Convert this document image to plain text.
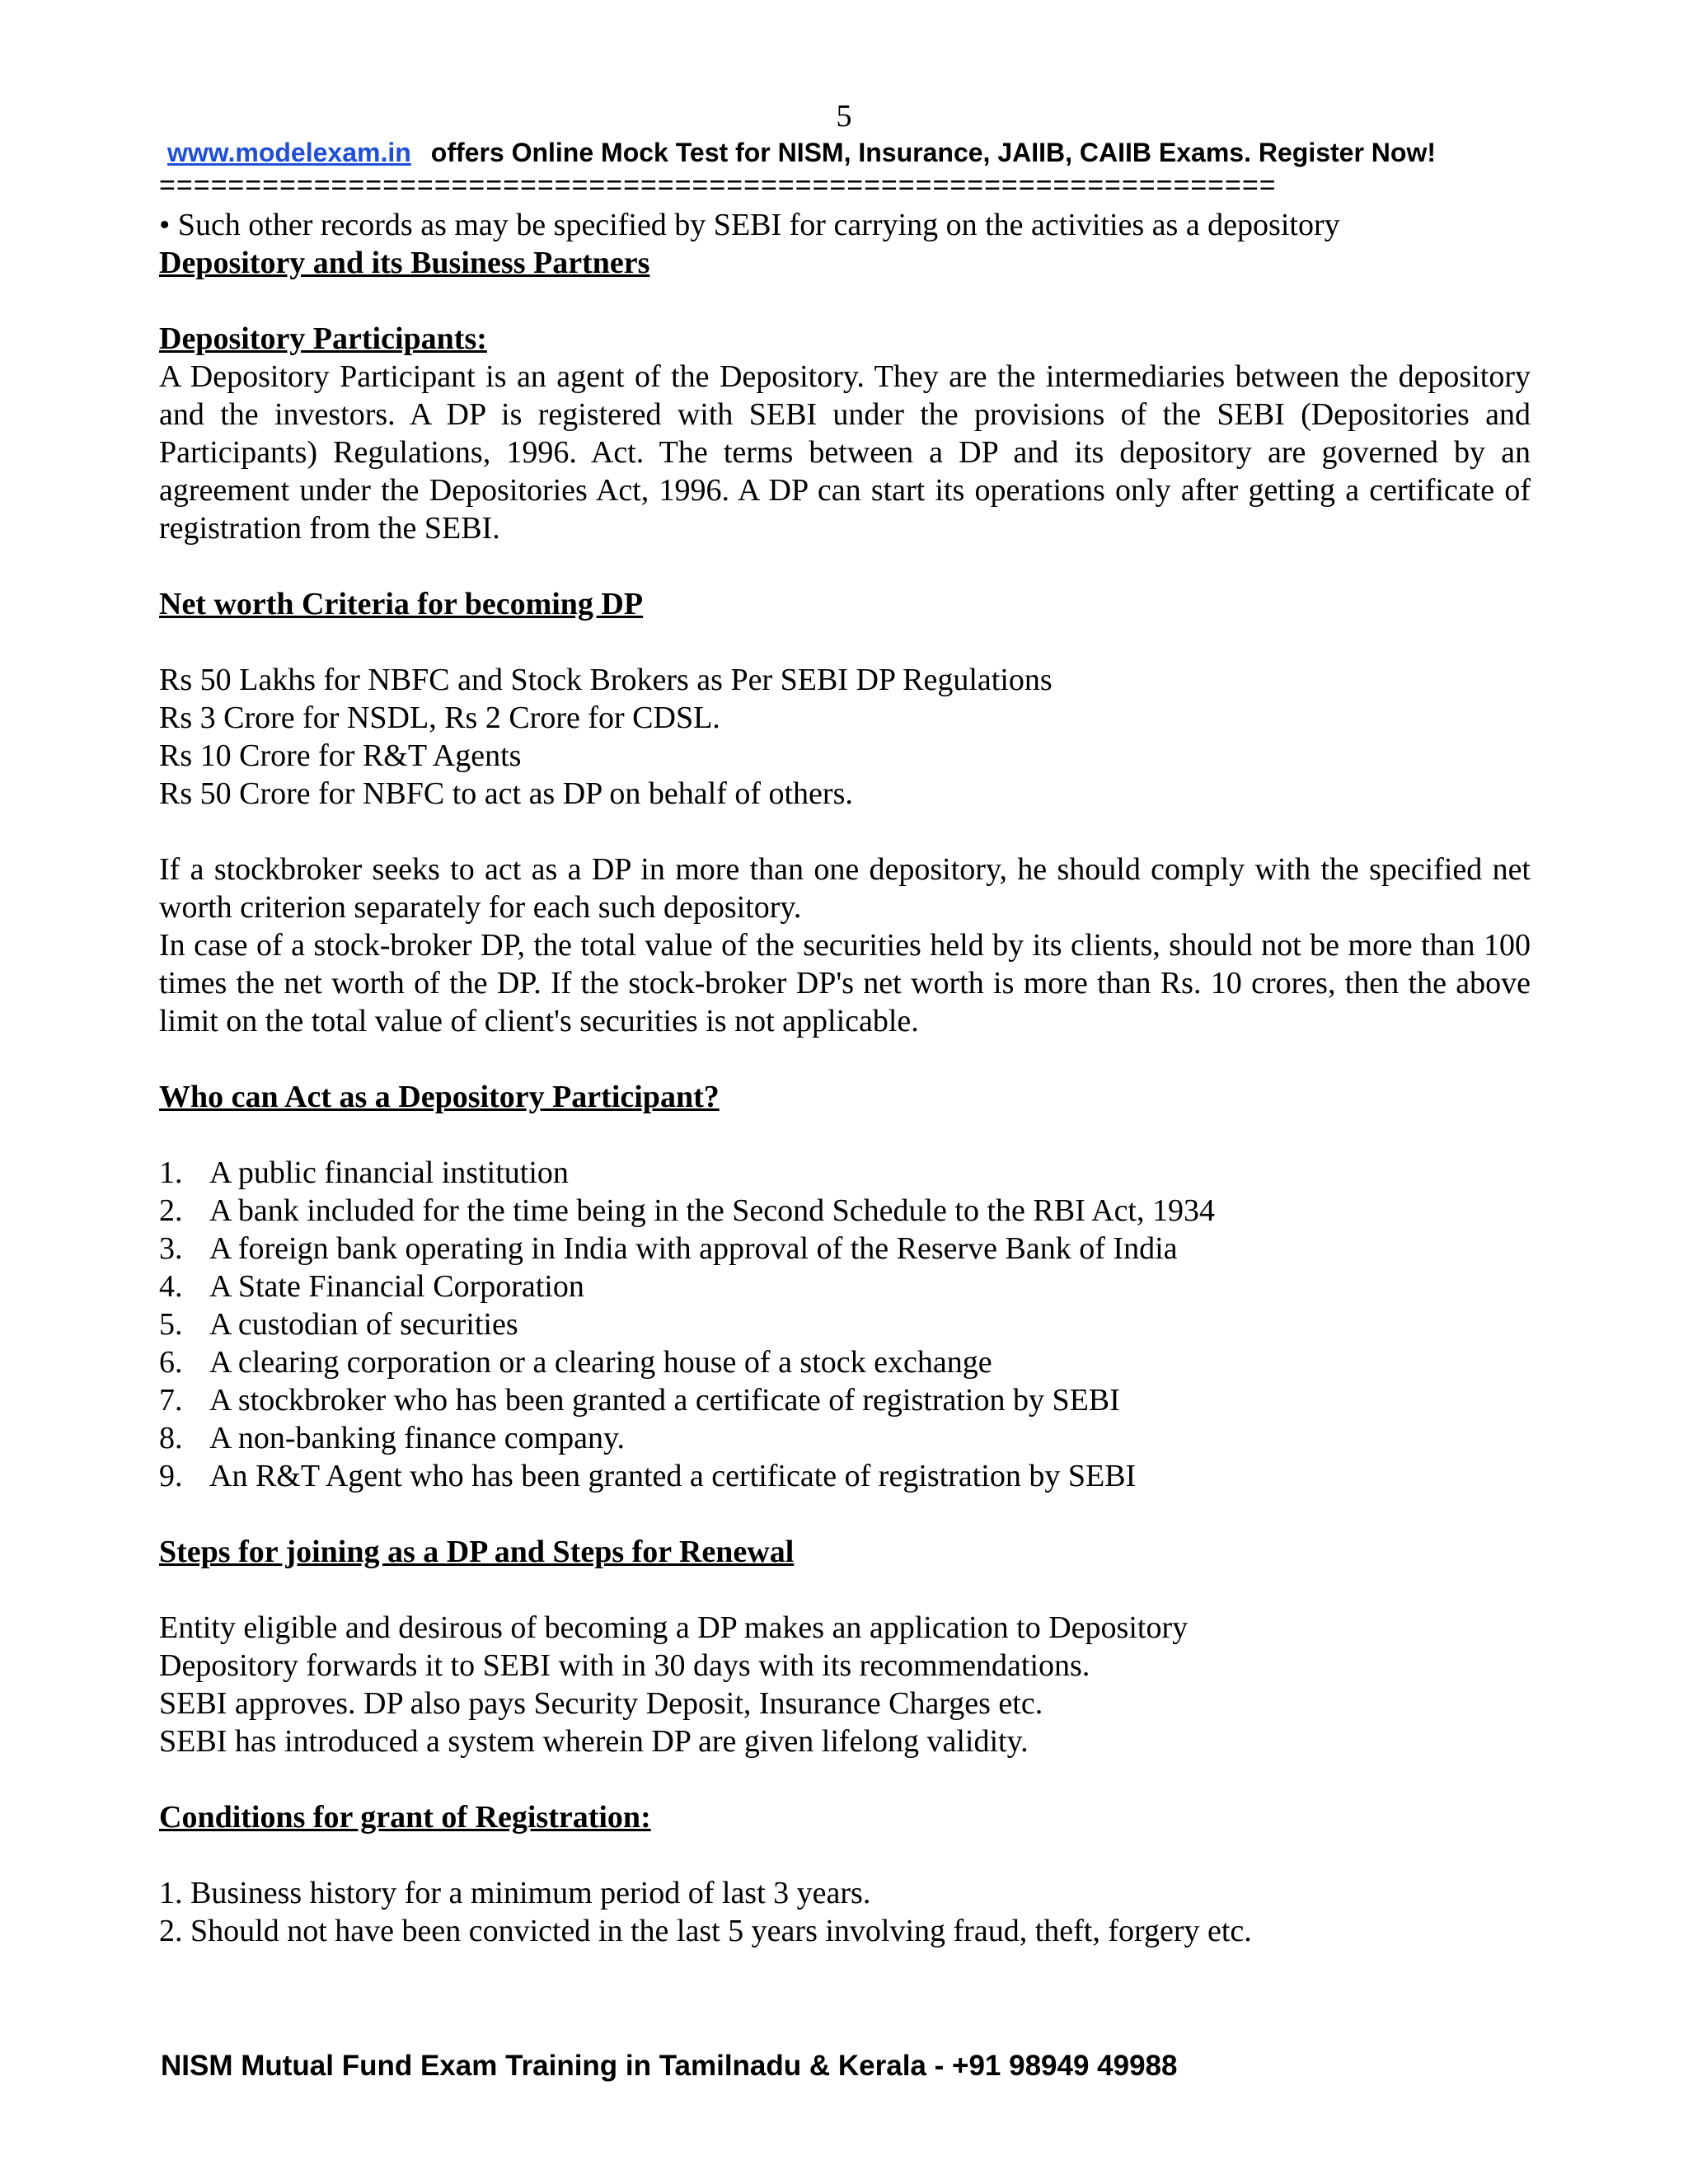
5
www.modelexam.in offers Online Mock Test for NISM, Insurance, JAIIB, CAIIB Exams. Register Now!
=================================================================

• Such other records as may be specified by SEBI for carrying on the activities as a depository

Depository and its Business Partners

Depository Participants:

A Depository Participant is an agent of the Depository. They are the intermediaries between the depository and the investors. A DP is registered with SEBI under the provisions of the SEBI (Depositories and Participants) Regulations, 1996. Act. The terms between a DP and its depository are governed by an agreement under the Depositories Act, 1996. A DP can start its operations only after getting a certificate of registration from the SEBI.

Net worth Criteria for becoming DP

Rs 50 Lakhs for NBFC and Stock Brokers as Per SEBI DP Regulations

Rs 3 Crore for NSDL, Rs 2 Crore for CDSL.

Rs 10 Crore for R&T Agents

Rs 50 Crore for NBFC to act as DP on behalf of others.

If a stockbroker seeks to act as a DP in more than one depository, he should comply with the specified net worth criterion separately for each such depository.

In case of a stock-broker DP, the total value of the securities held by its clients, should not be more than 100 times the net worth of the DP. If the stock-broker DP's net worth is more than Rs. 10 crores, then the above limit on the total value of client's securities is not applicable.

Who can Act as a Depository Participant?

1. A public financial institution
2. A bank included for the time being in the Second Schedule to the RBI Act, 1934
3. A foreign bank operating in India with approval of the Reserve Bank of India
4. A State Financial Corporation
5. A custodian of securities
6. A clearing corporation or a clearing house of a stock exchange
7. A stockbroker who has been granted a certificate of registration by SEBI
8. A non-banking finance company.
9. An R&T Agent who has been granted a certificate of registration by SEBI

Steps for joining as a DP and Steps for Renewal

Entity eligible and desirous of becoming a DP makes an application to Depository

Depository forwards it to SEBI with in 30 days with its recommendations.

SEBI approves. DP also pays Security Deposit, Insurance Charges etc.

SEBI has introduced a system wherein DP are given lifelong validity.

Conditions for grant of Registration:

1. Business history for a minimum period of last 3 years.

2. Should not have been convicted in the last 5 years involving fraud, theft, forgery etc.

NISM Mutual Fund Exam Training in Tamilnadu & Kerala - +91 98949 49988
